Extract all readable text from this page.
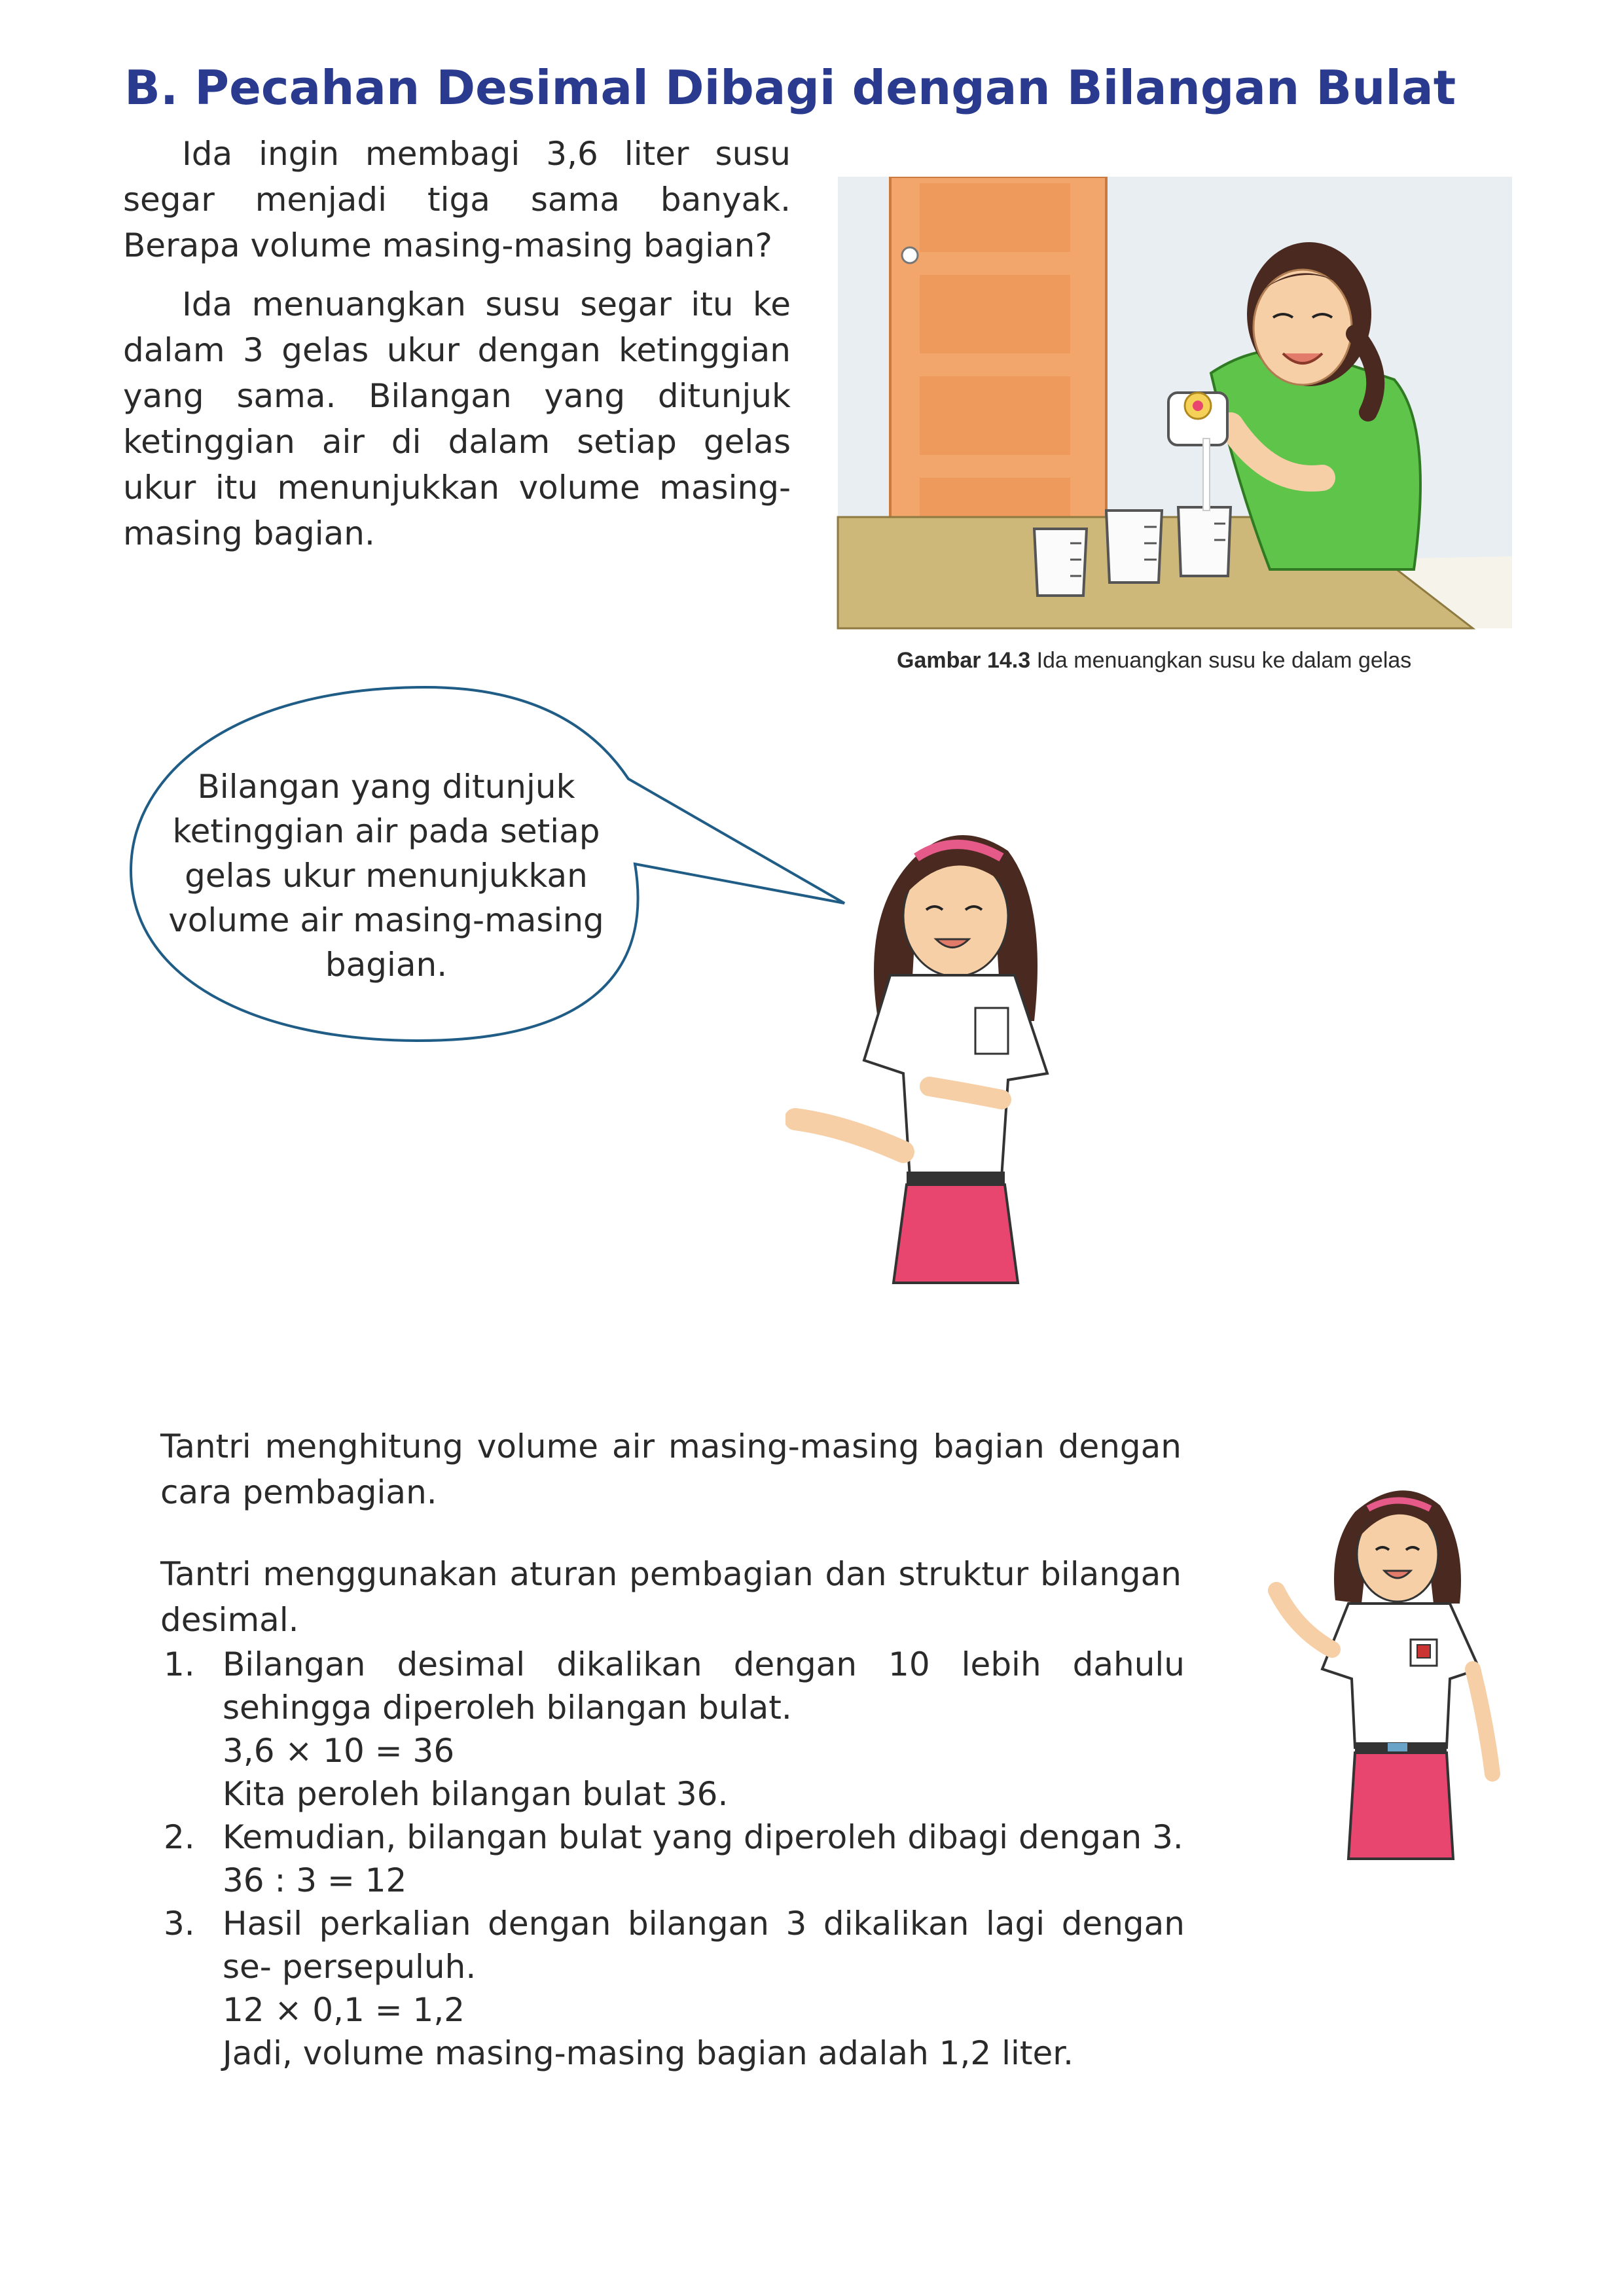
B. Pecahan Desimal Dibagi dengan Bilangan Bulat

Ida ingin membagi 3,6 liter susu segar menjadi tiga sama banyak. Berapa volume masing-masing bagian?

Ida menuangkan susu segar itu ke dalam 3 gelas ukur dengan ketinggian yang sama. Bilangan yang ditunjuk ketinggian air di dalam setiap gelas ukur itu menunjukkan volume masing-masing bagian.

Gambar 14.3 Ida menuangkan susu ke dalam gelas
Bilangan yang ditunjuk ketinggian air pada setiap gelas ukur menunjukkan volume air masing-masing bagian.

Tantri menghitung volume air masing-masing bagian dengan cara pembagian.

Tantri menggunakan aturan pembagian dan struktur bilangan desimal.

1. Bilangan desimal dikalikan dengan 10 lebih dahulu sehingga diperoleh bilangan bulat.

3,6 × 10 = 36
Kita peroleh bilangan bulat 36.
2. Kemudian, bilangan bulat yang diperoleh dibagi dengan 3.
36 : 3 = 12
3. Hasil perkalian dengan bilangan 3 dikalikan lagi dengan se- persepuluh.

12 × 0,1 = 1,2
Jadi, volume masing-masing bagian adalah 1,2 liter.
